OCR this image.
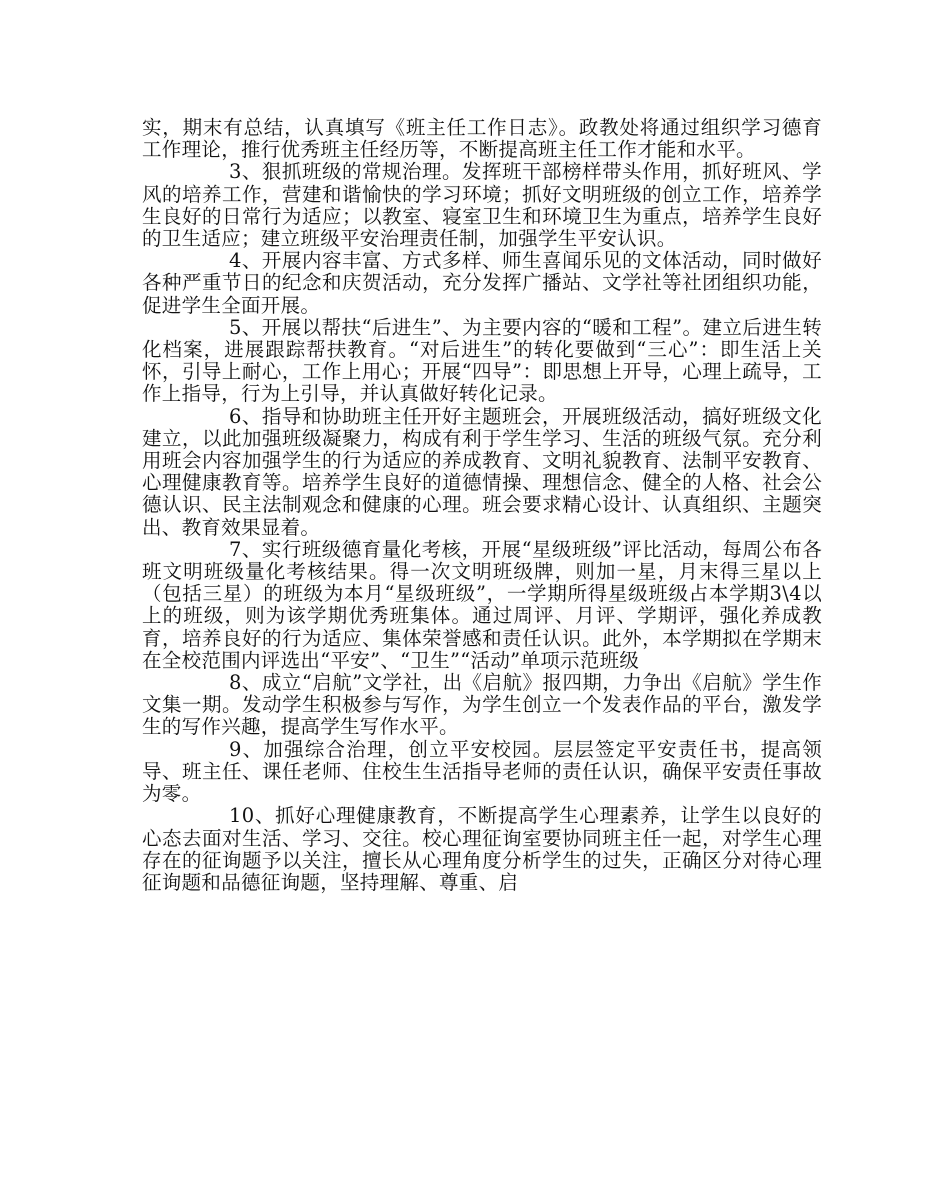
实，期末有总结，认真填写《班主任工作日志》。政教处将通过组织学习德育工作理论，推行优秀班主任经历等，不断提高班主任工作才能和水平。

3、狠抓班级的常规治理。发挥班干部榜样带头作用，抓好班风、学风的培养工作，营建和谐愉快的学习环境；抓好文明班级的创立工作，培养学生良好的日常行为适应；以教室、寝室卫生和环境卫生为重点，培养学生良好的卫生适应；建立班级平安治理责任制，加强学生平安认识。

4、开展内容丰富、方式多样、师生喜闻乐见的文体活动，同时做好各种严重节日的纪念和庆贺活动，充分发挥广播站、文学社等社团组织功能，促进学生全面开展。

5、开展以帮扶“后进生”、为主要内容的“暖和工程”。建立后进生转化档案，进展跟踪帮扶教育。“对后进生”的转化要做到“三心”：即生活上关怀，引导上耐心，工作上用心；开展“四导”：即思想上开导，心理上疏导，工作上指导，行为上引导，并认真做好转化记录。

6、指导和协助班主任开好主题班会，开展班级活动，搞好班级文化建立，以此加强班级凝聚力，构成有利于学生学习、生活的班级气氛。充分利用班会内容加强学生的行为适应的养成教育、文明礼貌教育、法制平安教育、心理健康教育等。培养学生良好的道德情操、理想信念、健全的人格、社会公德认识、民主法制观念和健康的心理。班会要求精心设计、认真组织、主题突出、教育效果显着。

7、实行班级德育量化考核，开展“星级班级”评比活动，每周公布各班文明班级量化考核结果。得一次文明班级牌，则加一星，月末得三星以上（包括三星）的班级为本月“星级班级”，一学期所得星级班级占本学期3\4以上的班级，则为该学期优秀班集体。通过周评、月评、学期评，强化养成教育，培养良好的行为适应、集体荣誉感和责任认识。此外，本学期拟在学期末在全校范围内评选出“平安”、“卫生”“活动”单项示范班级

8、成立“启航”文学社，出《启航》报四期，力争出《启航》学生作文集一期。发动学生积极参与写作，为学生创立一个发表作品的平台，激发学生的写作兴趣，提高学生写作水平。

9、加强综合治理，创立平安校园。层层签定平安责任书，提高领导、班主任、课任老师、住校生生活指导老师的责任认识，确保平安责任事故为零。

10、抓好心理健康教育，不断提高学生心理素养，让学生以良好的心态去面对生活、学习、交往。校心理征询室要协同班主任一起，对学生心理存在的征询题予以关注，擅长从心理角度分析学生的过失，正确区分对待心理征询题和品德征询题，坚持理解、尊重、启
